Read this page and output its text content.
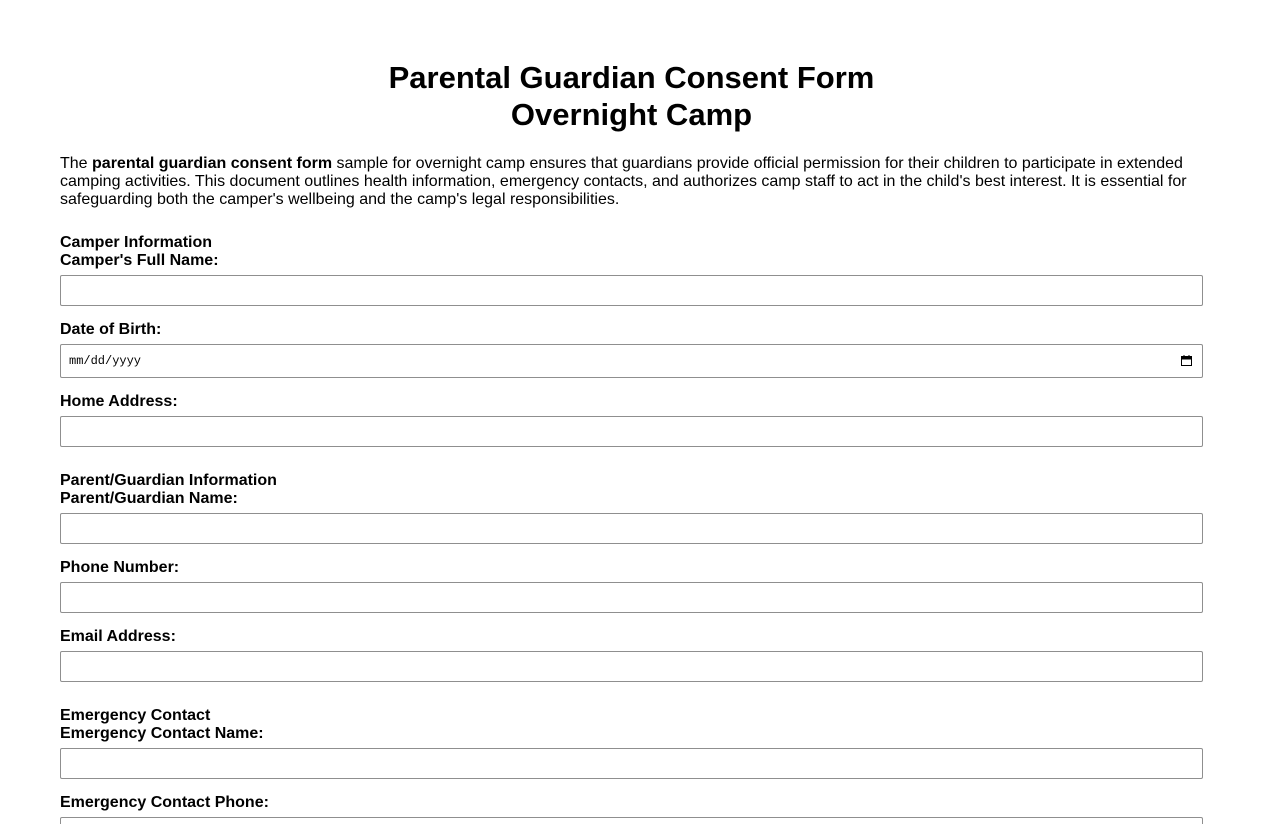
Parental Guardian Consent Form
Overnight Camp

The parental guardian consent form sample for overnight camp ensures that guardians provide official permission for their children to participate in extended camping activities. This document outlines health information, emergency contacts, and authorizes camp staff to act in the child's best interest. It is essential for safeguarding both the camper's wellbeing and the camp's legal responsibilities.

Camper Information
Camper's Full Name:
Date of Birth:
mm/dd/yyyy
Home Address:
Parent/Guardian Information
Parent/Guardian Name:
Phone Number:
Email Address:
Emergency Contact
Emergency Contact Name:
Emergency Contact Phone:
